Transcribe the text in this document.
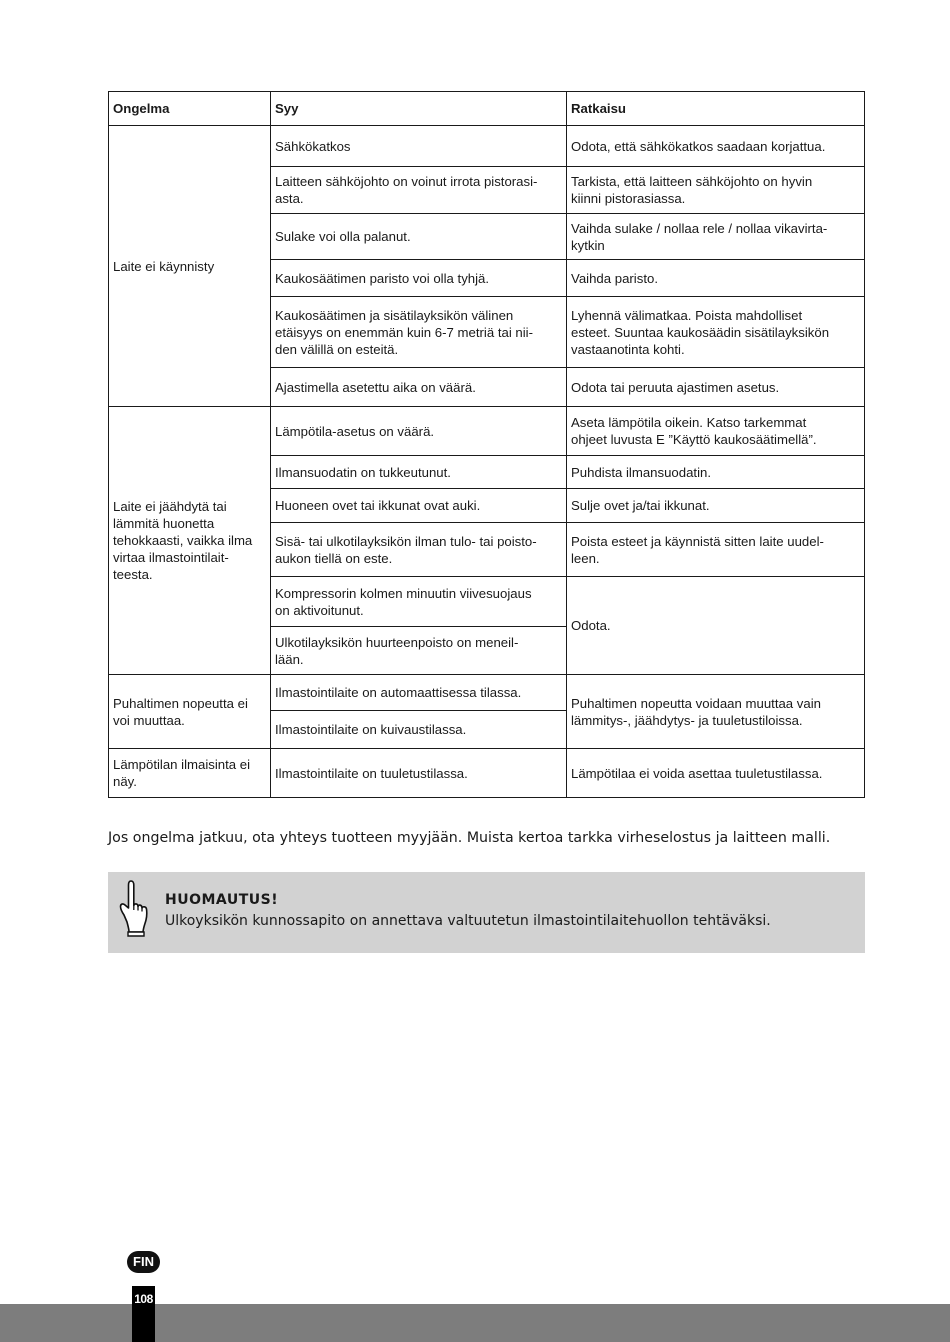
Ongelma	Syy	Ratkaisu
Laite ei käynnisty	Sähkökatkos	Odota, että sähkökatkos saadaan korjattua.
	Laitteen sähköjohto on voinut irrota pistorasi-
asta.	Tarkista, että laitteen sähköjohto on hyvin
kiinni pistorasiassa.
	Sulake voi olla palanut.	Vaihda sulake / nollaa rele / nollaa vikavirta-
kytkin
	Kaukosäätimen paristo voi olla tyhjä.	Vaihda paristo.
	Kaukosäätimen ja sisätilayksikön välinen
etäisyys on enemmän kuin 6-7 metriä tai nii-
den välillä on esteitä.	Lyhennä välimatkaa. Poista mahdolliset
esteet. Suuntaa kaukosäädin sisätilayksikön
vastaanotinta kohti.
	Ajastimella asetettu aika on väärä.	Odota tai peruuta ajastimen asetus.
Laite ei jäähdytä tai
lämmitä huonetta
tehokkaasti, vaikka ilma
virtaa ilmastointilait-
teesta.	Lämpötila-asetus on väärä.	Aseta lämpötila oikein. Katso tarkemmat
ohjeet luvusta E ”Käyttö kaukosäätimellä”.
	Ilmansuodatin on tukkeutunut.	Puhdista ilmansuodatin.
	Huoneen ovet tai ikkunat ovat auki.	Sulje ovet ja/tai ikkunat.
	Sisä- tai ulkotilayksikön ilman tulo- tai poisto-
aukon tiellä on este.	Poista esteet ja käynnistä sitten laite uudel-
leen.
	Kompressorin kolmen minuutin viivesuojaus
on aktivoitunut.	Odota.
	Ulkotilayksikön huurteenpoisto on meneil-
lään.	
Puhaltimen nopeutta ei
voi muuttaa.	Ilmastointilaite on automaattisessa tilassa.	Puhaltimen nopeutta voidaan muuttaa vain
lämmitys-, jäähdytys- ja tuuletustiloissa.
	Ilmastointilaite on kuivaustilassa.	
Lämpötilan ilmaisinta ei
näy.	Ilmastointilaite on tuuletustilassa.	Lämpötilaa ei voida asettaa tuuletustilassa.
Jos ongelma jatkuu, ota yhteys tuotteen myyjään. Muista kertoa tarkka virheselostus ja laitteen malli.
HUOMAUTUS!
Ulkoyksikön kunnossapito on annettava valtuutetun ilmastointilaitehuollon tehtäväksi.
FIN
108
